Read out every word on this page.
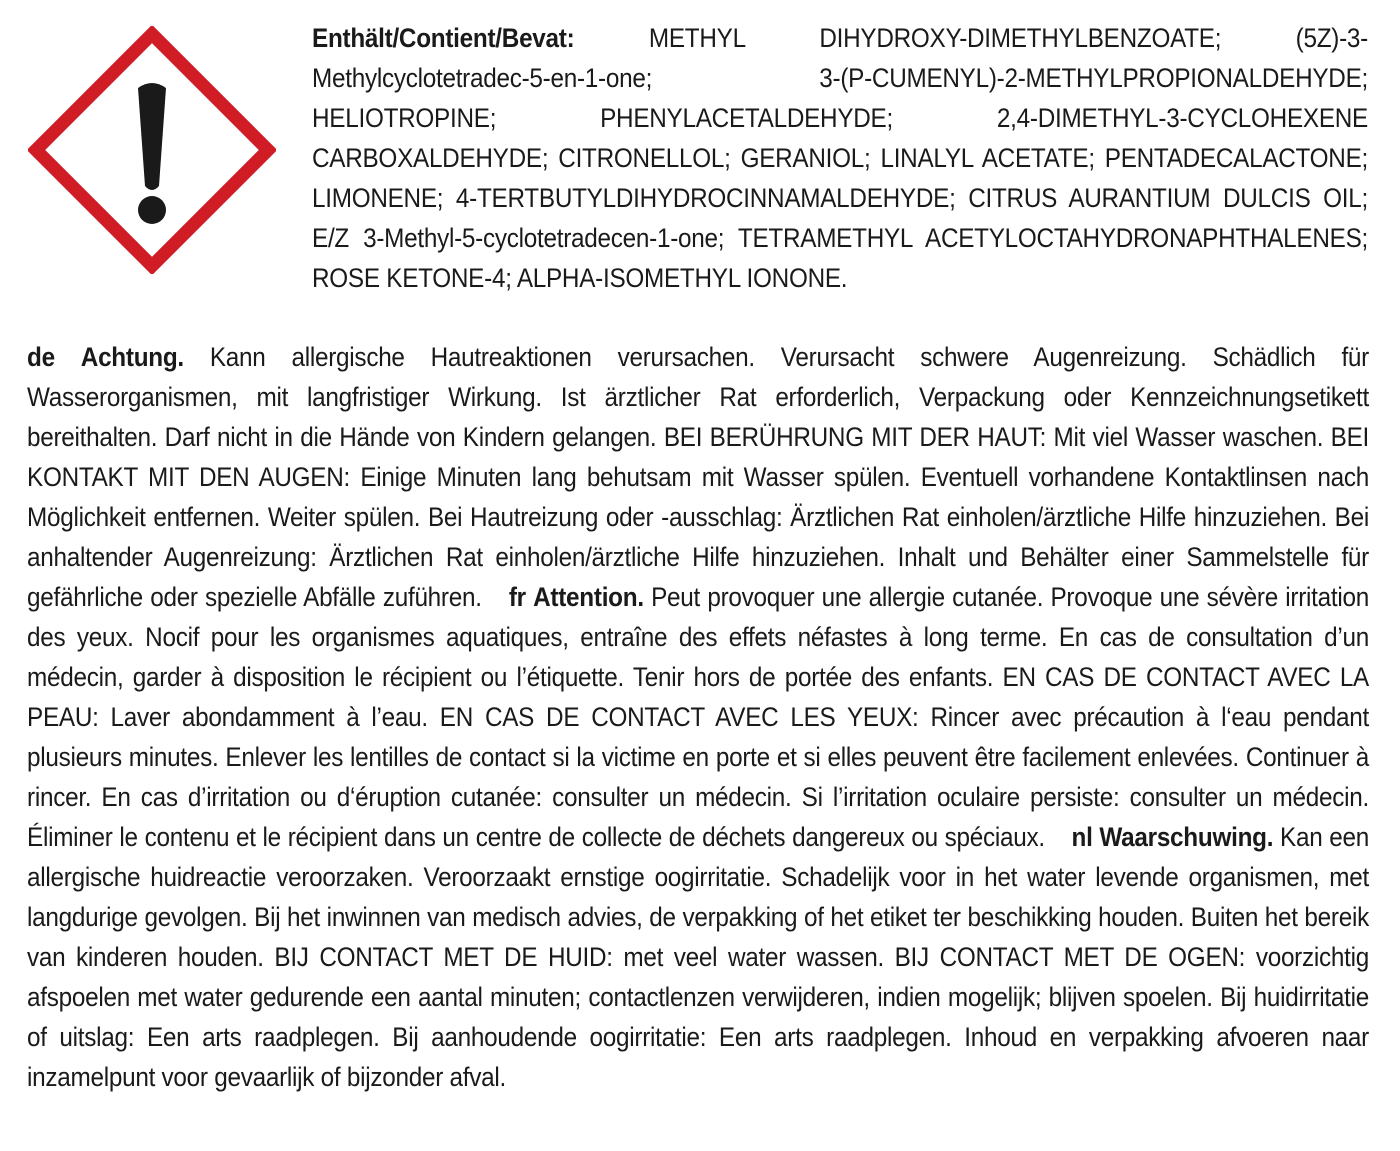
Enthält/Contient/Bevat:	METHYL DIHYDROXY-DIMETHYLBENZOATE; (5Z)-3-Methylcyclotetradec-5-en-1-one; 3-(P-CUMENYL)-2-METHYLPROPIONALDEHYDE; HELIOTROPINE; PHENYLACETALDEHYDE; 2,4-DIMETHYL-3-CYCLOHEXENE CARBOXALDEHYDE; CITRONELLOL; GERANIOL; LINALYL ACETATE; PENTADECALACTONE; LIMONENE; 4-TERTBUTYLDIHYDROCINNAMALDEHYDE; CITRUS AURANTIUM DULCIS OIL; E/Z 3-Methyl-5-cyclotetradecen-1-one; TETRAMETHYL ACETYLOCTAHYDRONAPHTHALENES; ROSE KETONE-4; ALPHA-ISOMETHYL IONONE.
de Achtung. Kann allergische Hautreaktionen verursachen. Verursacht schwere Augenreizung. Schädlich für Wasserorganismen, mit langfristiger Wirkung. Ist ärztlicher Rat erforderlich, Verpackung oder Kennzeichnungsetikett bereithalten. Darf nicht in die Hände von Kindern gelangen. BEI BERÜHRUNG MIT DER HAUT: Mit viel Wasser waschen. BEI KONTAKT MIT DEN AUGEN: Einige Minuten lang behutsam mit Wasser spülen. Eventuell vorhandene Kontaktlinsen nach Möglichkeit entfernen. Weiter spülen. Bei Hautreizung oder -ausschlag: Ärztlichen Rat einholen/ärztliche Hilfe hinzuziehen. Bei anhaltender Augenreizung: Ärztlichen Rat einholen/ärztliche Hilfe hinzuziehen. Inhalt und Behälter einer Sammelstelle für gefährliche oder spezielle Abfälle zuführen. fr Attention. Peut provoquer une allergie cutanée. Provoque une sévère irritation des yeux. Nocif pour les organismes aquatiques, entraîne des effets néfastes à long terme. En cas de consultation d’un médecin, garder à disposition le récipient ou l’étiquette. Tenir hors de portée des enfants. EN CAS DE CONTACT AVEC LA PEAU: Laver abondamment à l’eau. EN CAS DE CONTACT AVEC LES YEUX: Rincer avec précaution à l‘eau pendant plusieurs minutes. Enlever les lentilles de contact si la victime en porte et si elles peuvent être facilement enlevées. Continuer à rincer. En cas d’irritation ou d‘éruption cutanée: consulter un médecin. Si l’irritation oculaire persiste: consulter un médecin. Éliminer le contenu et le récipient dans un centre de collecte de déchets dangereux ou spéciaux. nl Waarschuwing. Kan een allergische huidreactie veroorzaken. Veroorzaakt ernstige oogirritatie. Schadelijk voor in het water levende organismen, met langdurige gevolgen. Bij het inwinnen van medisch advies, de verpakking of het etiket ter beschikking houden. Buiten het bereik van kinderen houden. BIJ CONTACT MET DE HUID: met veel water wassen. BIJ CONTACT MET DE OGEN: voorzichtig afspoelen met water gedurende een aantal minuten; contactlenzen verwijderen, indien mogelijk; blijven spoelen. Bij huidirritatie of uitslag: Een arts raadplegen. Bij aanhoudende oogirritatie: Een arts raadplegen. Inhoud en verpakking afvoeren naar inzamelpunt voor gevaarlijk of bijzonder afval.
